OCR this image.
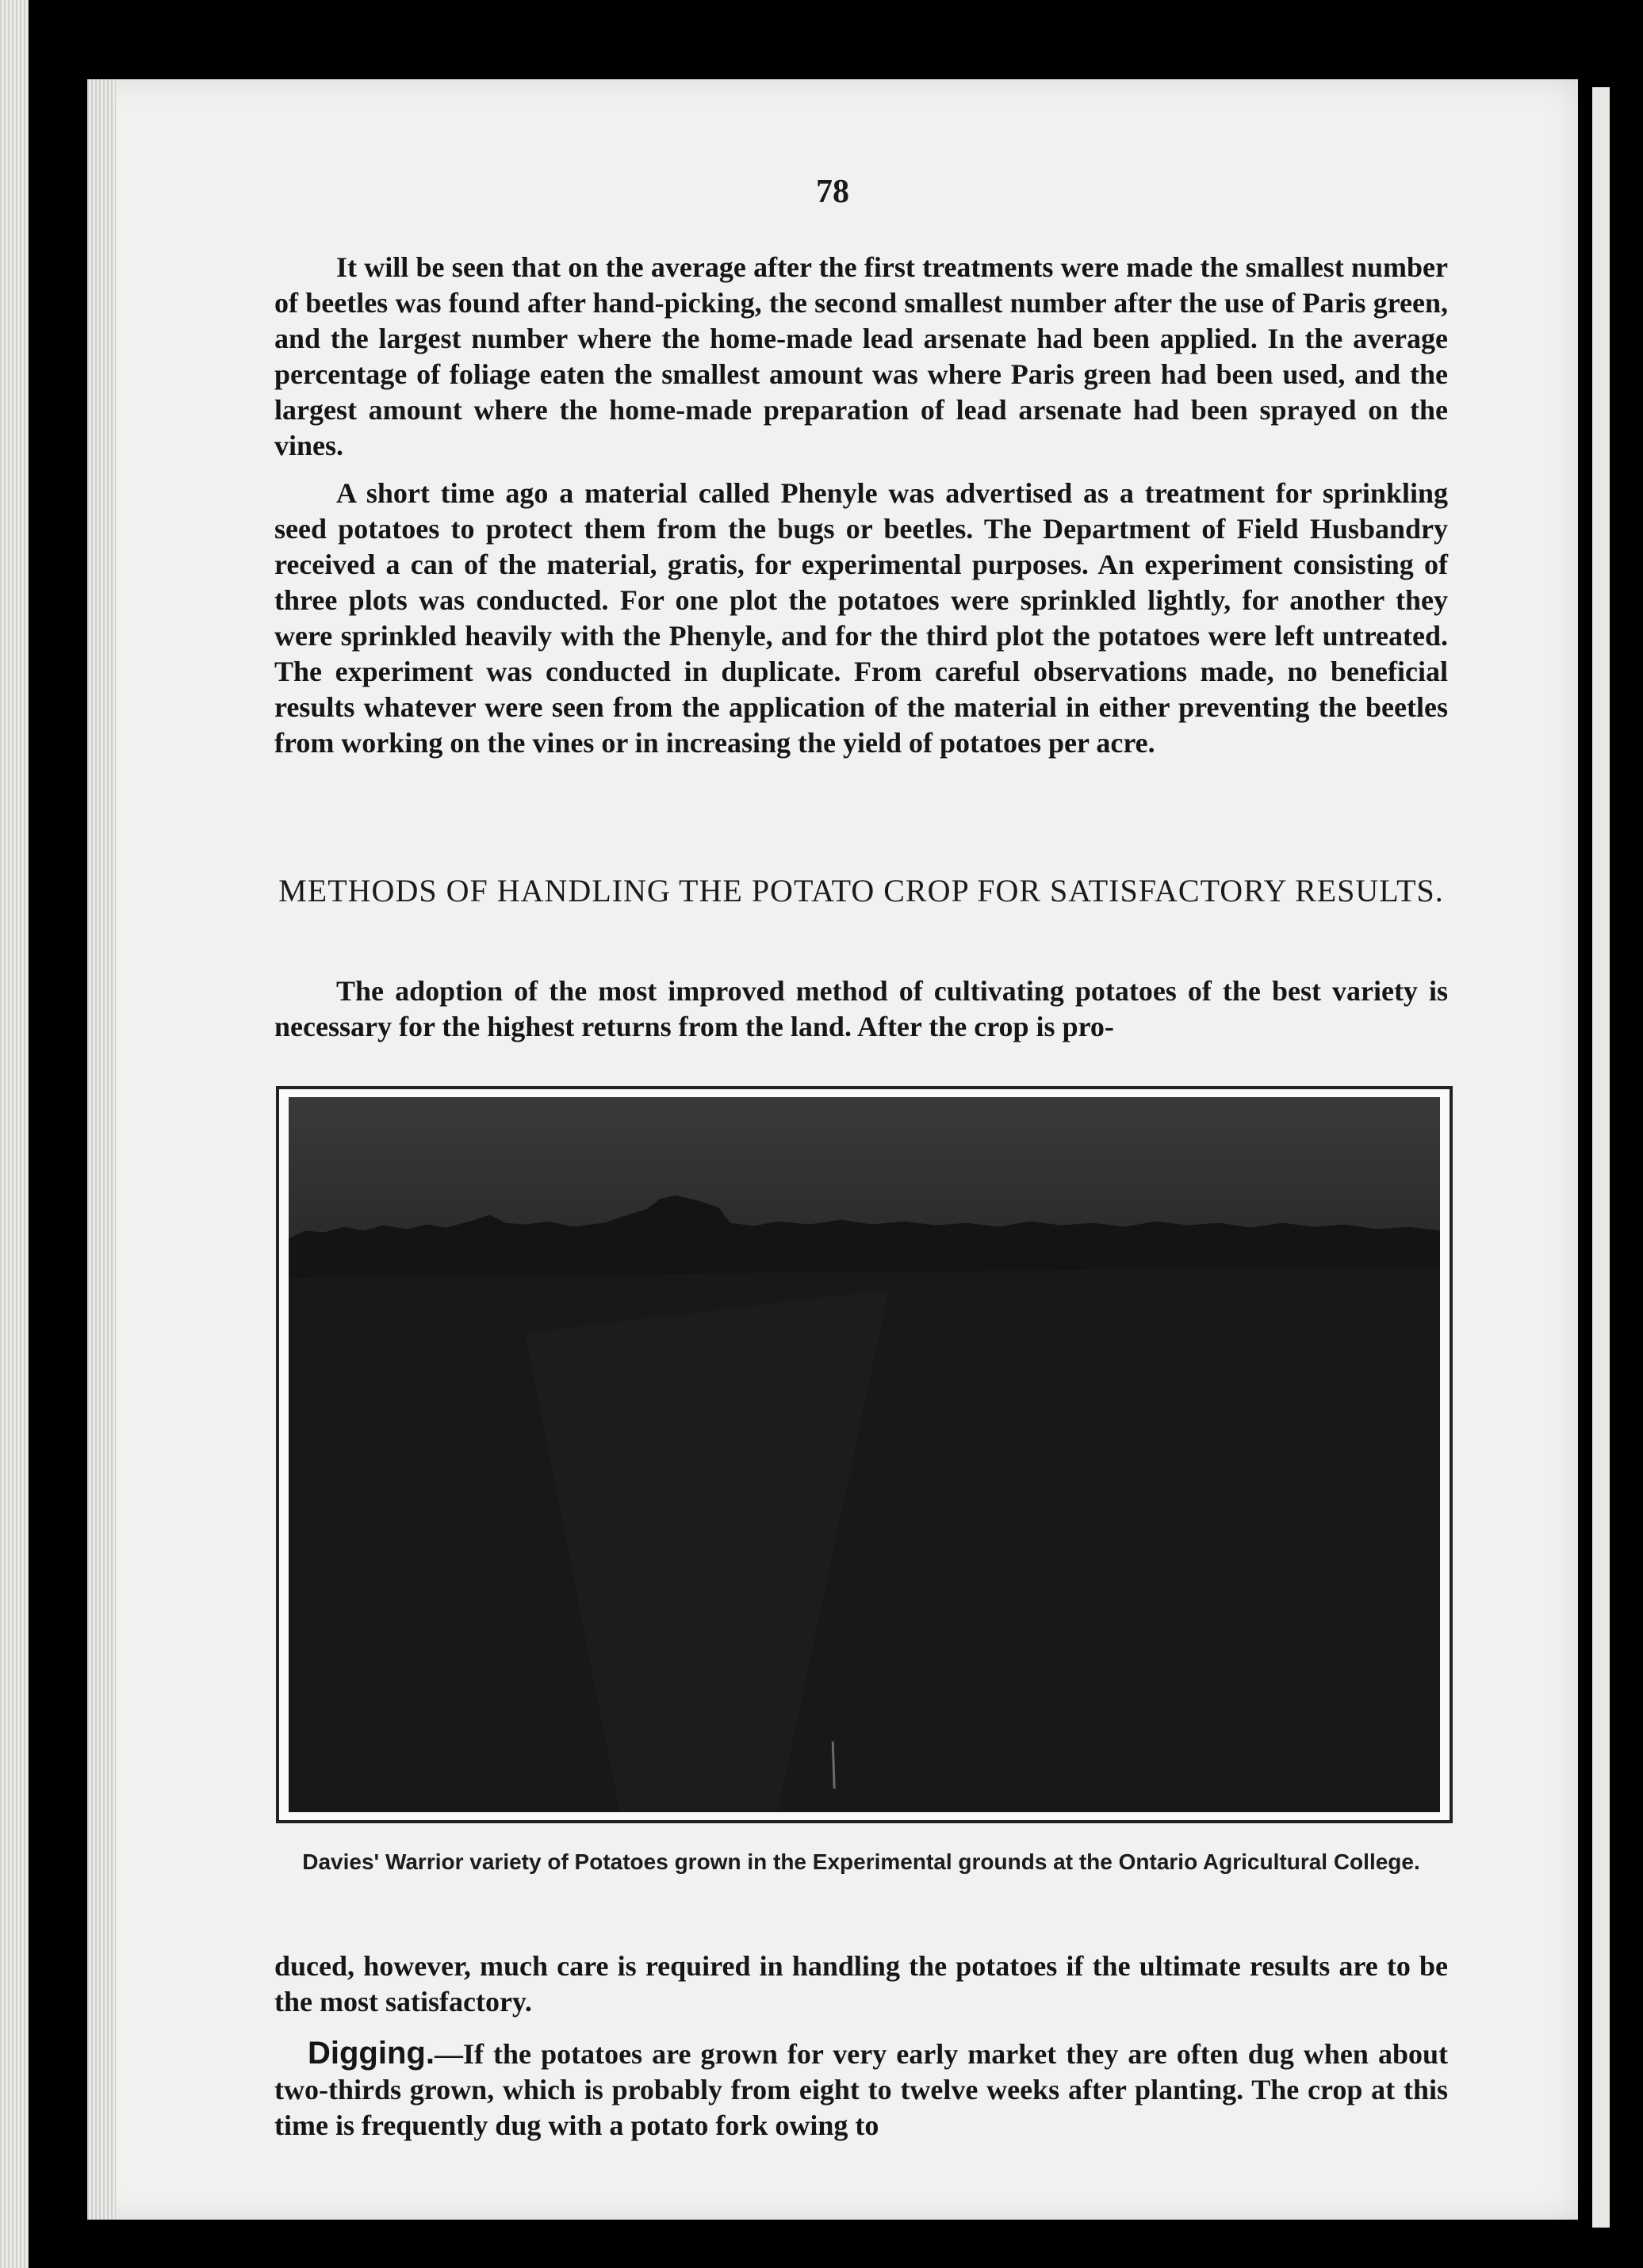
78

It will be seen that on the average after the first treatments were made the smallest number of beetles was found after hand-picking, the second smallest number after the use of Paris green, and the largest number where the home-made lead arsenate had been applied. In the average percentage of foliage eaten the smallest amount was where Paris green had been used, and the largest amount where the home-made preparation of lead arsenate had been sprayed on the vines.

A short time ago a material called Phenyle was advertised as a treatment for sprinkling seed potatoes to protect them from the bugs or beetles. The Department of Field Husbandry received a can of the material, gratis, for experimental purposes. An experiment consisting of three plots was conducted. For one plot the potatoes were sprinkled lightly, for another they were sprinkled heavily with the Phenyle, and for the third plot the potatoes were left untreated. The experiment was conducted in duplicate. From careful observations made, no beneficial results whatever were seen from the application of the material in either preventing the beetles from working on the vines or in increasing the yield of potatoes per acre.

METHODS OF HANDLING THE POTATO CROP FOR SATISFACTORY RESULTS.

The adoption of the most improved method of cultivating potatoes of the best variety is necessary for the highest returns from the land. After the crop is pro-

Davies' Warrior variety of Potatoes grown in the Experimental grounds at the Ontario Agricultural College.

duced, however, much care is required in handling the potatoes if the ultimate results are to be the most satisfactory.

Digging.—If the potatoes are grown for very early market they are often dug when about two-thirds grown, which is probably from eight to twelve weeks after planting. The crop at this time is frequently dug with a potato fork owing to
